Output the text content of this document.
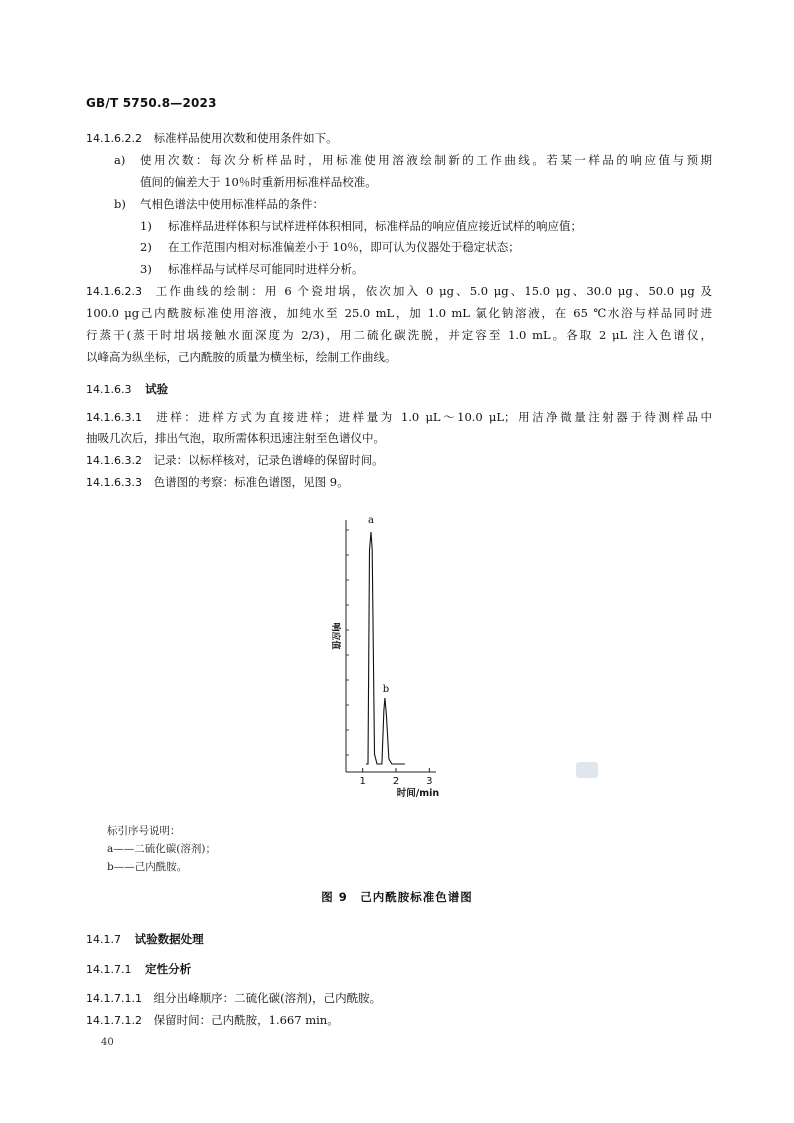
GB/T 5750.8—2023
14.1.6.2.2 标准样品使用次数和使用条件如下。
a) 使用次数：每次分析样品时，用标准使用溶液绘制新的工作曲线。若某一样品的响应值与预期
值间的偏差大于 10％时重新用标准样品校准。
b) 气相色谱法中使用标准样品的条件：
1) 标准样品进样体积与试样进样体积相同，标准样品的响应值应接近试样的响应值；
2) 在工作范围内相对标准偏差小于 10％，即可认为仪器处于稳定状态；
3) 标准样品与试样尽可能同时进样分析。
14.1.6.2.3 工作曲线的绘制：用 6 个瓷坩埚，依次加入 0 μg、5.0 μg、15.0 μg、30.0 μg、50.0 μg 及
100.0 μg己内酰胺标准使用溶液，加纯水至 25.0 mL，加 1.0 mL 氯化钠溶液，在 65 ℃水浴与样品同时进
行蒸干(蒸干时坩埚接触水面深度为 2/3)，用二硫化碳洗脱，并定容至 1.0 mL。各取 2 μL 注入色谱仪，
以峰高为纵坐标，己内酰胺的质量为横坐标，绘制工作曲线。
14.1.6.3 试验
14.1.6.3.1 进样：进样方式为直接进样；进样量为 1.0 μL～10.0 μL；用洁净微量注射器于待测样品中
抽吸几次后，排出气泡，取所需体积迅速注射至色谱仪中。
14.1.6.3.2 记录：以标样核对，记录色谱峰的保留时间。
14.1.6.3.3 色谱图的考察：标准色谱图，见图 9。
1	2	3
a
b
时间/min
响应值
标引序号说明：
a——二硫化碳(溶剂)；
b——己内酰胺。
图 9　己内酰胺标准色谱图
14.1.7 试验数据处理
14.1.7.1 定性分析
14.1.7.1.1 组分出峰顺序：二硫化碳(溶剂)，己内酰胺。
14.1.7.1.2 保留时间：己内酰胺，1.667 min。
40
